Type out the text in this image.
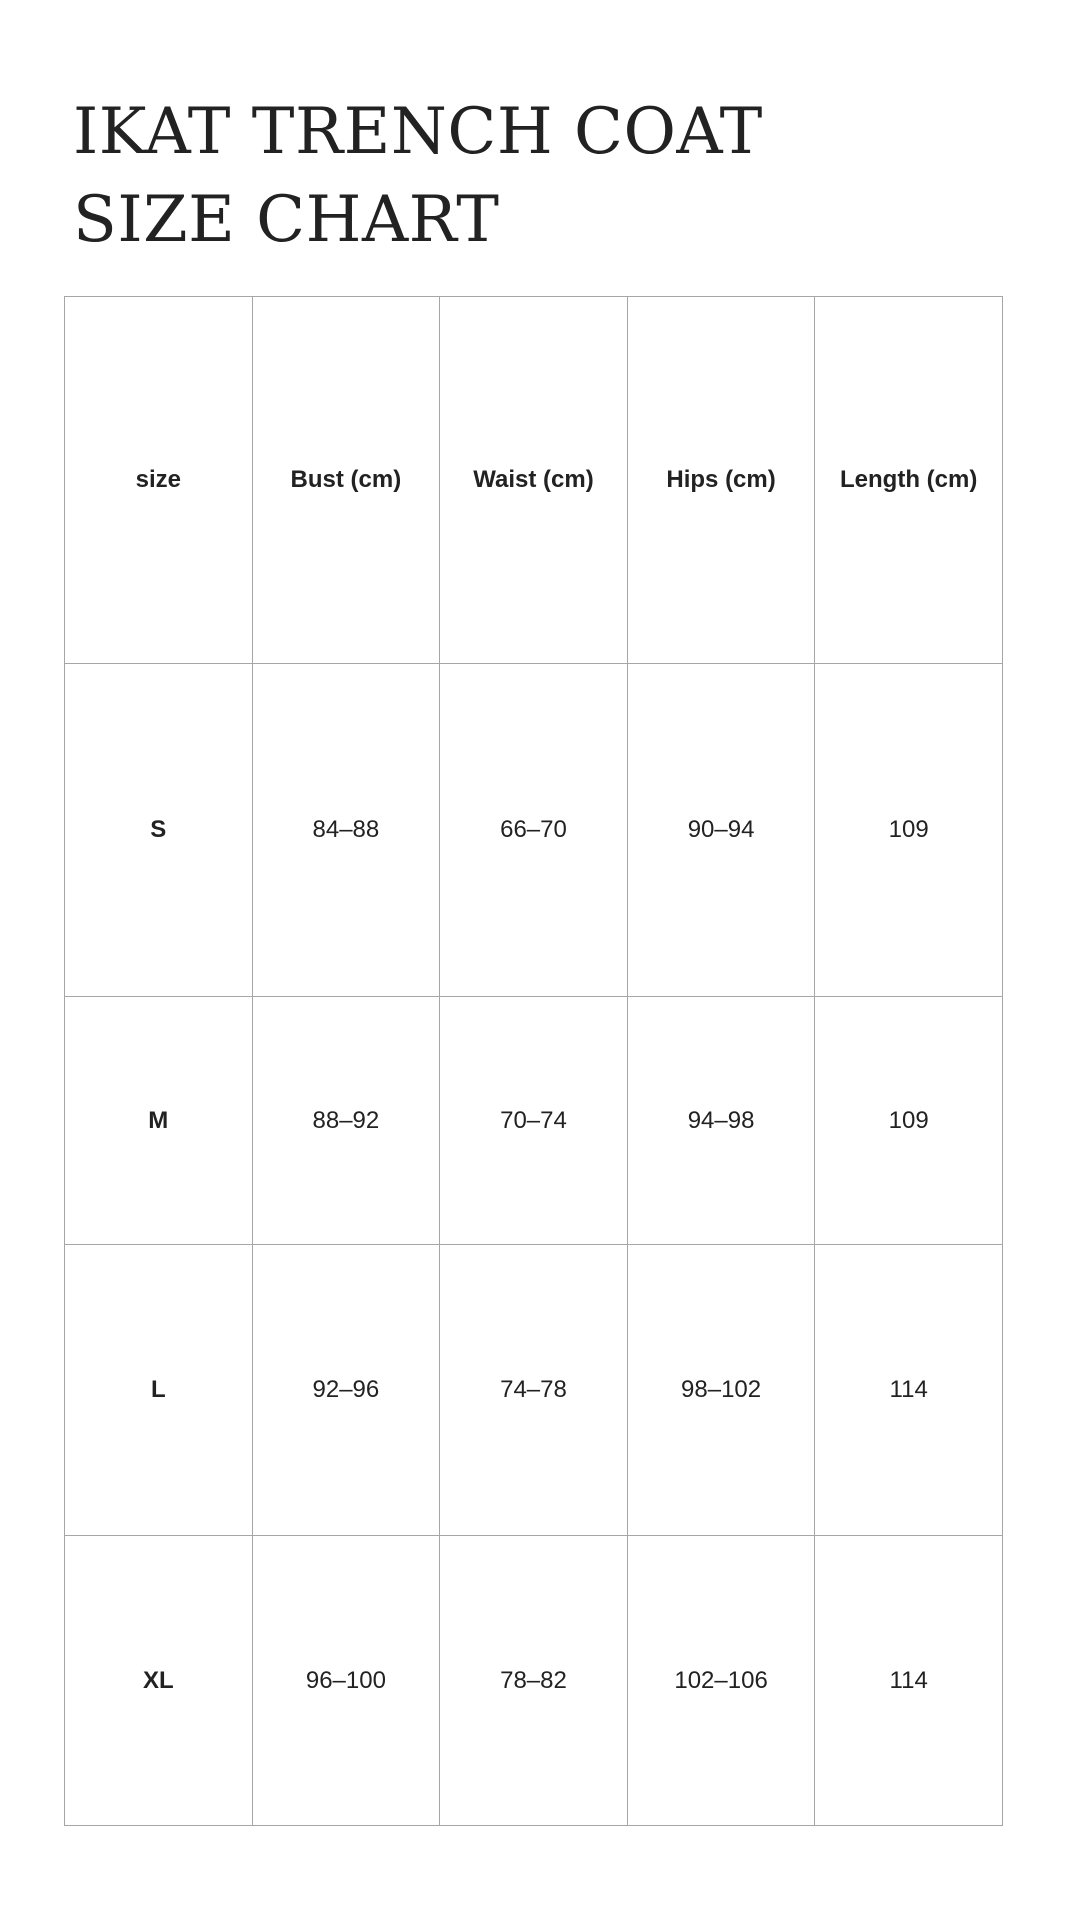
IKAT TRENCH COAT
SIZE CHART
size	Bust (cm)	Waist (cm)	Hips (cm)	Length (cm)
S	84–88	66–70	90–94	109
M	88–92	70–74	94–98	109
L	92–96	74–78	98–102	114
XL	96–100	78–82	102–106	114
